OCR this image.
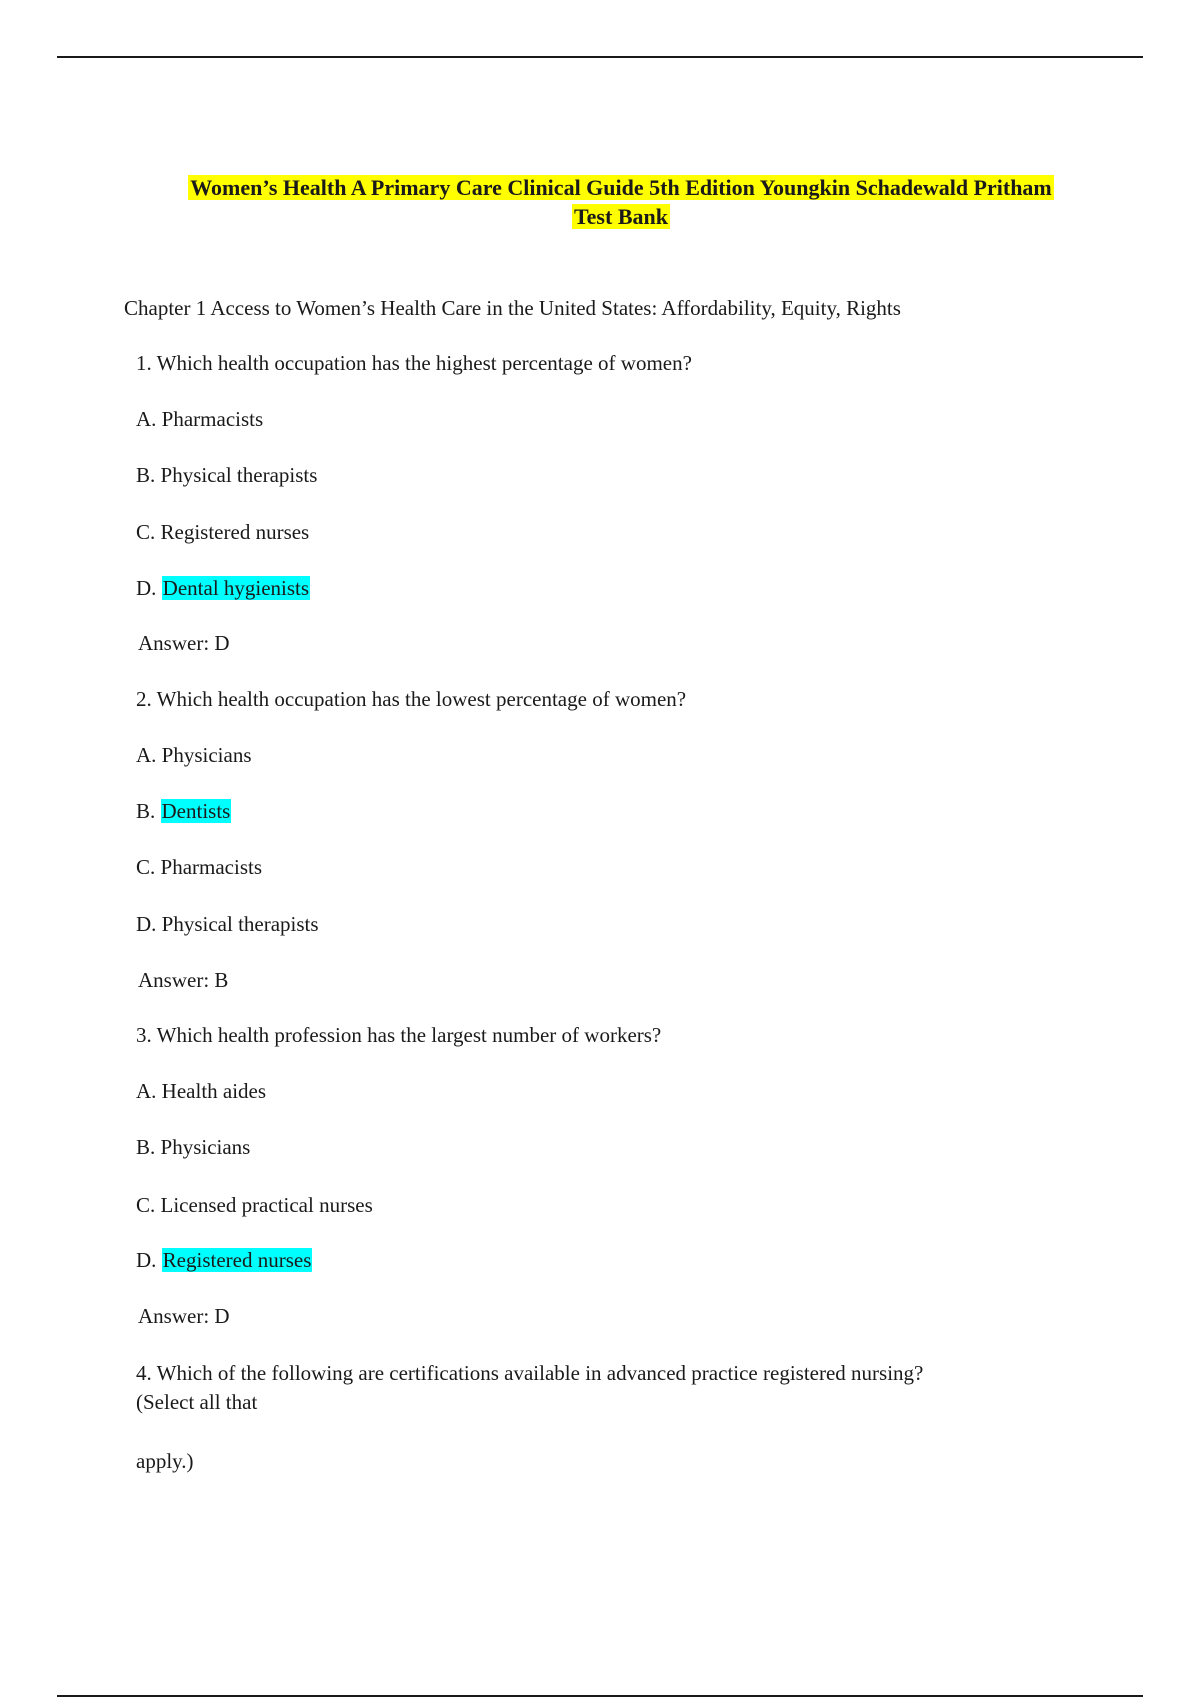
Women’s Health A Primary Care Clinical Guide 5th Edition Youngkin Schadewald Pritham
Test Bank
Chapter 1 Access to Women’s Health Care in the United States: Affordability, Equity, Rights
1. Which health occupation has the highest percentage of women?
A. Pharmacists
B. Physical therapists
C. Registered nurses
D. Dental hygienists
Answer: D
2. Which health occupation has the lowest percentage of women?
A. Physicians
B. Dentists
C. Pharmacists
D. Physical therapists
Answer: B
3. Which health profession has the largest number of workers?
A. Health aides
B. Physicians
C. Licensed practical nurses
D. Registered nurses
Answer: D
4. Which of the following are certifications available in advanced practice registered nursing?
(Select all that
apply.)
